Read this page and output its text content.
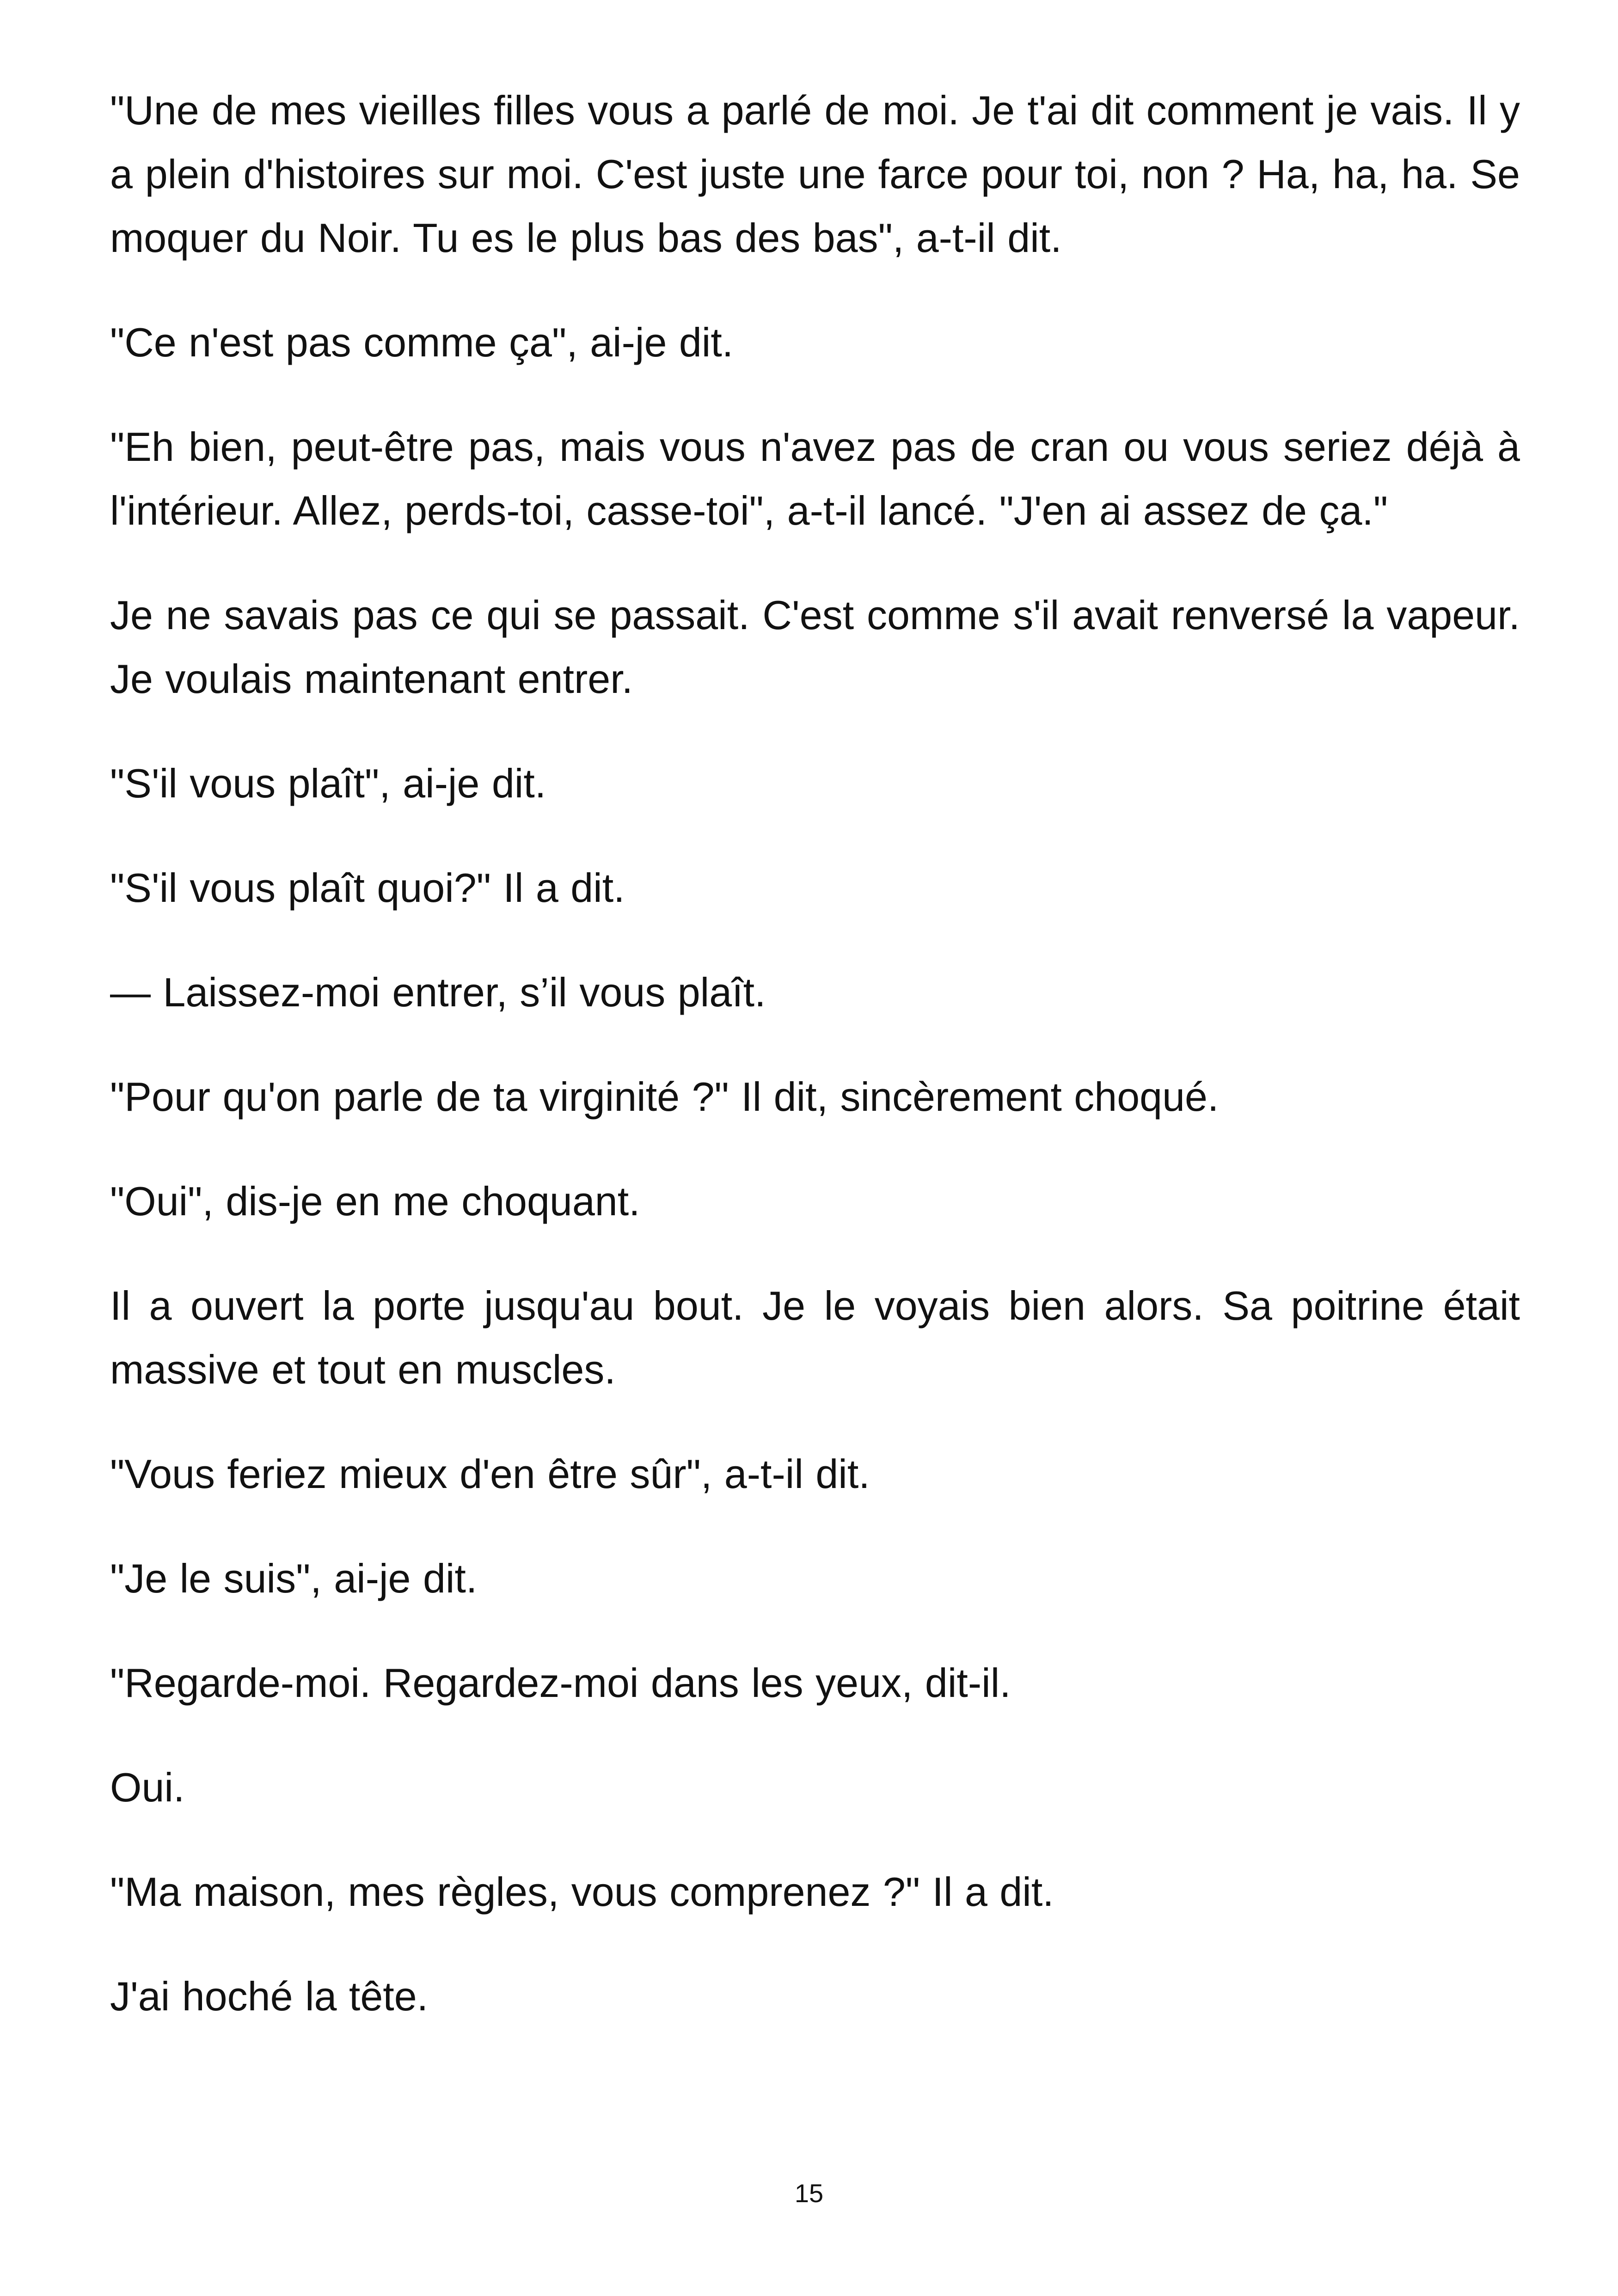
"Une de mes vieilles filles vous a parlé de moi. Je t'ai dit comment je vais. Il y a plein d'histoires sur moi. C'est juste une farce pour toi, non ? Ha, ha, ha. Se moquer du Noir. Tu es le plus bas des bas", a-t-il dit.

"Ce n'est pas comme ça", ai-je dit.

"Eh bien, peut-être pas, mais vous n'avez pas de cran ou vous seriez déjà à l'intérieur. Allez, perds-toi, casse-toi", a-t-il lancé. "J'en ai assez de ça."

Je ne savais pas ce qui se passait. C'est comme s'il avait renversé la vapeur. Je voulais maintenant entrer.

"S'il vous plaît", ai-je dit.

"S'il vous plaît quoi?" Il a dit.

— Laissez-moi entrer, s’il vous plaît.

"Pour qu'on parle de ta virginité ?" Il dit, sincèrement choqué.

"Oui", dis-je en me choquant.

Il a ouvert la porte jusqu'au bout. Je le voyais bien alors. Sa poitrine était massive et tout en muscles.

"Vous feriez mieux d'en être sûr", a-t-il dit.

"Je le suis", ai-je dit.

"Regarde-moi. Regardez-moi dans les yeux, dit-il.

Oui.

"Ma maison, mes règles, vous comprenez ?" Il a dit.

J'ai hoché la tête.

15
